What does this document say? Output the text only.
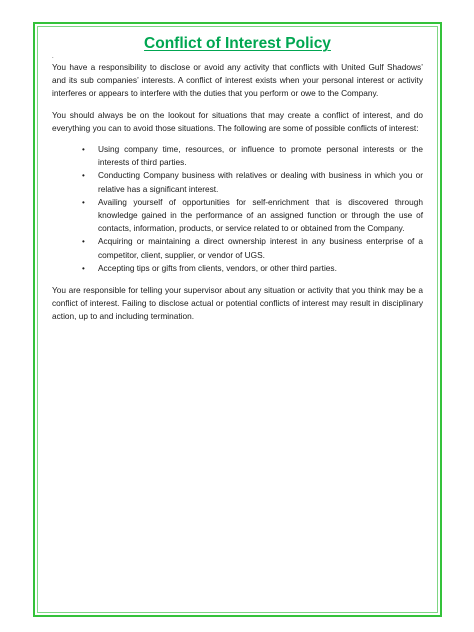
Conflict of Interest Policy
.

You have a responsibility to disclose or avoid any activity that conflicts with United Gulf Shadows’ and its sub companies’ interests. A conflict of interest exists when your personal interest or activity interferes or appears to interfere with the duties that you perform or owe to the Company.

You should always be on the lookout for situations that may create a conflict of interest, and do everything you can to avoid those situations. The following are some of possible conflicts of interest:

• Using company time, resources, or influence to promote personal interests or the interests of third parties.
• Conducting Company business with relatives or dealing with business in which you or relative has a significant interest.
• Availing yourself of opportunities for self-enrichment that is discovered through knowledge gained in the performance of an assigned function or through the use of contacts, information, products, or service related to or obtained from the Company.
• Acquiring or maintaining a direct ownership interest in any business enterprise of a competitor, client, supplier, or vendor of UGS.
• Accepting tips or gifts from clients, vendors, or other third parties.

You are responsible for telling your supervisor about any situation or activity that you think may be a conflict of interest. Failing to disclose actual or potential conflicts of interest may result in disciplinary action, up to and including termination.
